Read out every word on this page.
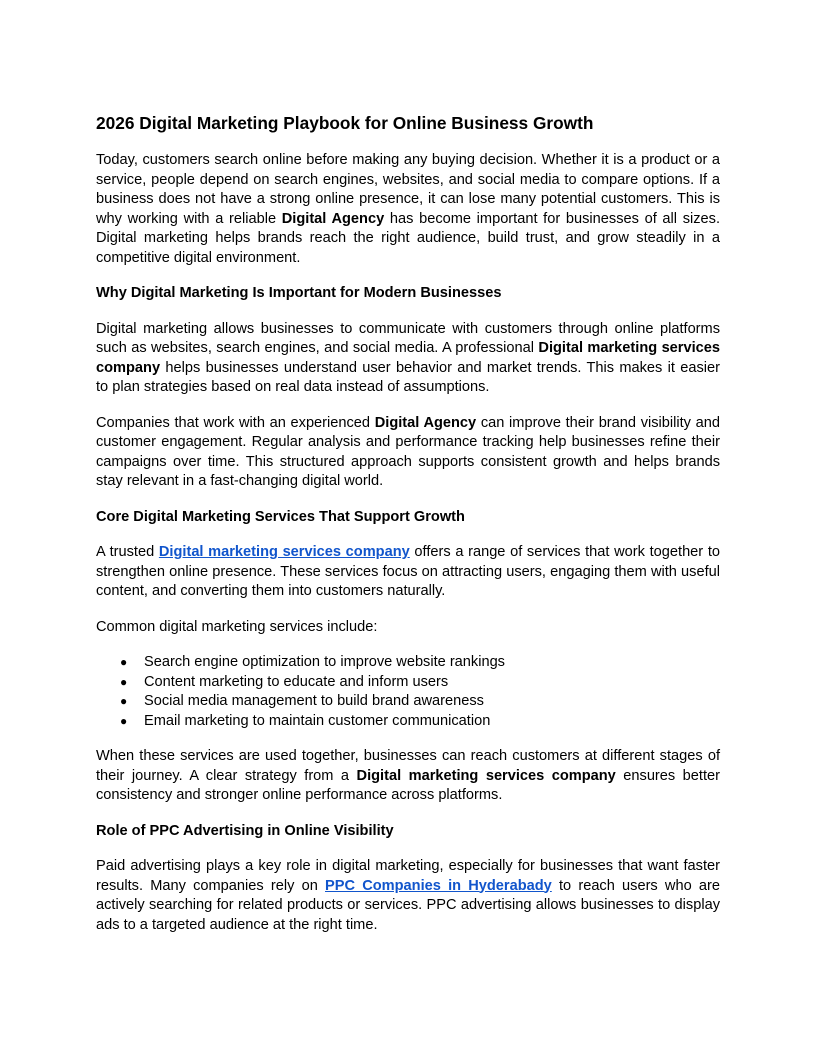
2026 Digital Marketing Playbook for Online Business Growth

Today, customers search online before making any buying decision. Whether it is a product or a service, people depend on search engines, websites, and social media to compare options. If a business does not have a strong online presence, it can lose many potential customers. This is why working with a reliable Digital Agency has become important for businesses of all sizes. Digital marketing helps brands reach the right audience, build trust, and grow steadily in a competitive digital environment.

Why Digital Marketing Is Important for Modern Businesses

Digital marketing allows businesses to communicate with customers through online platforms such as websites, search engines, and social media. A professional Digital marketing services company helps businesses understand user behavior and market trends. This makes it easier to plan strategies based on real data instead of assumptions.

Companies that work with an experienced Digital Agency can improve their brand visibility and customer engagement. Regular analysis and performance tracking help businesses refine their campaigns over time. This structured approach supports consistent growth and helps brands stay relevant in a fast-changing digital world.

Core Digital Marketing Services That Support Growth

A trusted Digital marketing services company offers a range of services that work together to strengthen online presence. These services focus on attracting users, engaging them with useful content, and converting them into customers naturally.

Common digital marketing services include:

● Search engine optimization to improve website rankings
● Content marketing to educate and inform users
● Social media management to build brand awareness
● Email marketing to maintain customer communication

When these services are used together, businesses can reach customers at different stages of their journey. A clear strategy from a Digital marketing services company ensures better consistency and stronger online performance across platforms.

Role of PPC Advertising in Online Visibility

Paid advertising plays a key role in digital marketing, especially for businesses that want faster results. Many companies rely on PPC Companies in Hyderabady to reach users who are actively searching for related products or services. PPC advertising allows businesses to display ads to a targeted audience at the right time.
